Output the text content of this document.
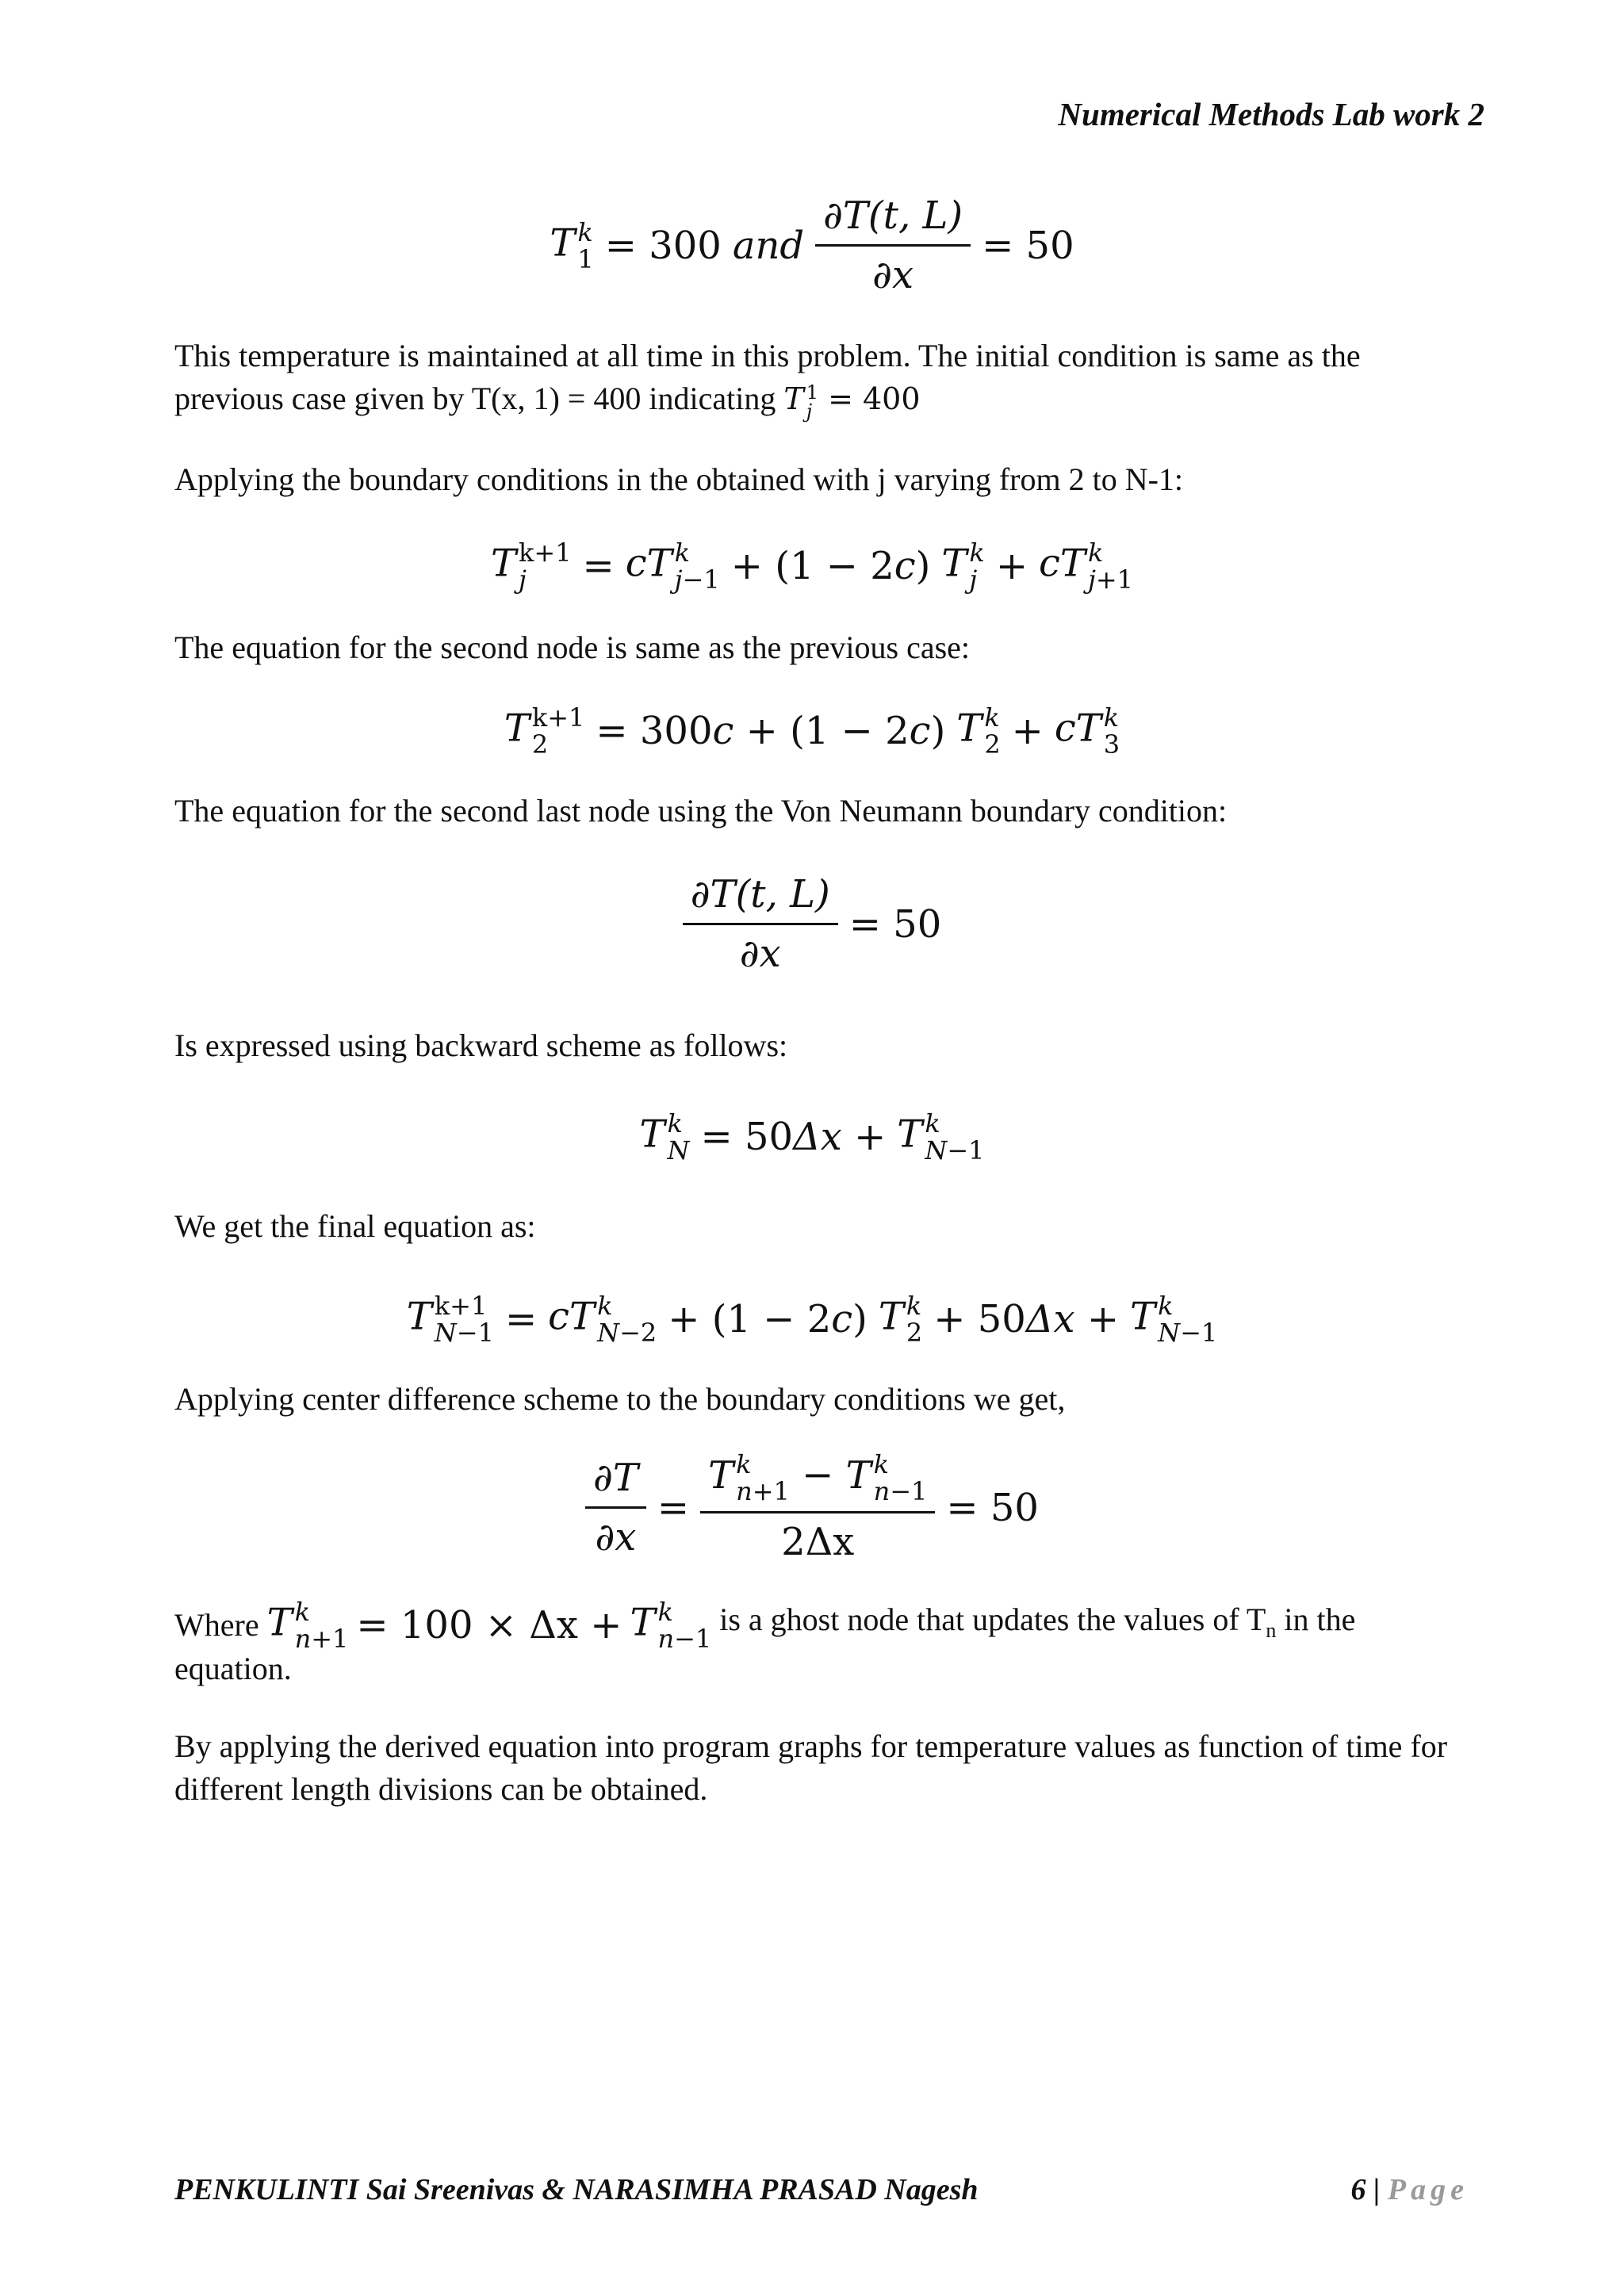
Numerical Methods Lab work 2
T k
1 = 300 and $\frac{\partial T(t, L)}{\partial x} = 50$
This temperature is maintained at all time in this problem. The initial condition is same as the
previous case given by T(x, 1) = 400 indicating T 1
j = 400
Applying the boundary conditions in the obtained with j varying from 2 to N-1:
T k+1
j	= cT k
j−1 + (1 − 2c) T k
j + cT k
j+1
The equation for the second node is same as the previous case:
T k+1
2	= 300c + (1 − 2c) T k
2 + cT k
3
The equation for the second last node using the Von Neumann boundary condition:
$\frac{\partial T(t, L)}{\partial x} = 50$
Is expressed using backward scheme as follows:
T k
N = 50Δx + T k
N−1
We get the final equation as:
T k+1
N−1 = cT k
N−2 + (1 − 2c) T k
2 + 50Δx + T k
N−1
Applying center difference scheme to the boundary conditions we get,
$\frac{\partial T}{\partial x} = T$ k
n+1 − T k
n−1
2Δx = 50
Where T k
n+1 = 100 × Δx + T k
n−1
is a ghost node that updates the values of $T_n$ in the
equation.
By applying the derived equation into program graphs for temperature values as function of time for
different length divisions can be obtained.
PENKULINTI Sai Sreenivas & NARASIMHA PRASAD Nagesh	6 | Page
